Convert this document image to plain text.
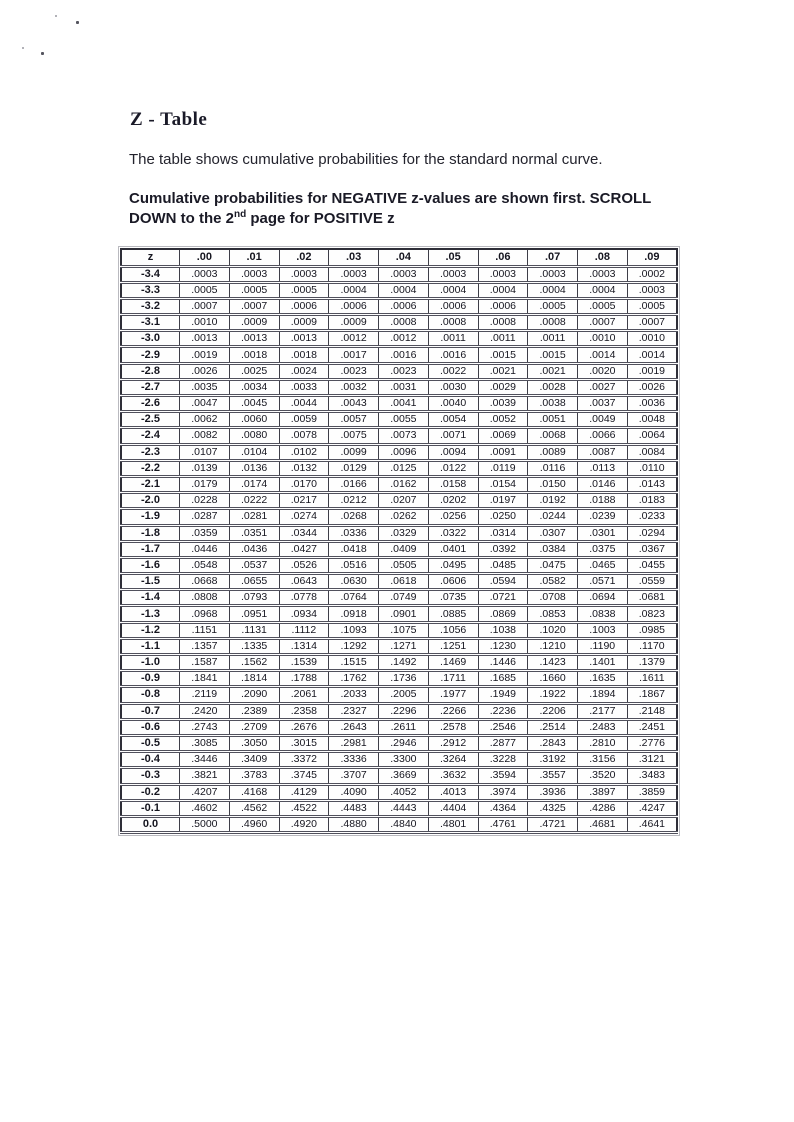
Z - Table
The table shows cumulative probabilities for the standard normal curve.
Cumulative probabilities for NEGATIVE z-values are shown first. SCROLL
DOWN to the 2nd page for POSITIVE z
z	.00	.01	.02	.03	.04	.05	.06	.07	.08	.09
-3.4	.0003	.0003	.0003	.0003	.0003	.0003	.0003	.0003	.0003	.0002
-3.3	.0005	.0005	.0005	.0004	.0004	.0004	.0004	.0004	.0004	.0003
-3.2	.0007	.0007	.0006	.0006	.0006	.0006	.0006	.0005	.0005	.0005
-3.1	.0010	.0009	.0009	.0009	.0008	.0008	.0008	.0008	.0007	.0007
-3.0	.0013	.0013	.0013	.0012	.0012	.0011	.0011	.0011	.0010	.0010
-2.9	.0019	.0018	.0018	.0017	.0016	.0016	.0015	.0015	.0014	.0014
-2.8	.0026	.0025	.0024	.0023	.0023	.0022	.0021	.0021	.0020	.0019
-2.7	.0035	.0034	.0033	.0032	.0031	.0030	.0029	.0028	.0027	.0026
-2.6	.0047	.0045	.0044	.0043	.0041	.0040	.0039	.0038	.0037	.0036
-2.5	.0062	.0060	.0059	.0057	.0055	.0054	.0052	.0051	.0049	.0048
-2.4	.0082	.0080	.0078	.0075	.0073	.0071	.0069	.0068	.0066	.0064
-2.3	.0107	.0104	.0102	.0099	.0096	.0094	.0091	.0089	.0087	.0084
-2.2	.0139	.0136	.0132	.0129	.0125	.0122	.0119	.0116	.0113	.0110
-2.1	.0179	.0174	.0170	.0166	.0162	.0158	.0154	.0150	.0146	.0143
-2.0	.0228	.0222	.0217	.0212	.0207	.0202	.0197	.0192	.0188	.0183
-1.9	.0287	.0281	.0274	.0268	.0262	.0256	.0250	.0244	.0239	.0233
-1.8	.0359	.0351	.0344	.0336	.0329	.0322	.0314	.0307	.0301	.0294
-1.7	.0446	.0436	.0427	.0418	.0409	.0401	.0392	.0384	.0375	.0367
-1.6	.0548	.0537	.0526	.0516	.0505	.0495	.0485	.0475	.0465	.0455
-1.5	.0668	.0655	.0643	.0630	.0618	.0606	.0594	.0582	.0571	.0559
-1.4	.0808	.0793	.0778	.0764	.0749	.0735	.0721	.0708	.0694	.0681
-1.3	.0968	.0951	.0934	.0918	.0901	.0885	.0869	.0853	.0838	.0823
-1.2	.1151	.1131	.1112	.1093	.1075	.1056	.1038	.1020	.1003	.0985
-1.1	.1357	.1335	.1314	.1292	.1271	.1251	.1230	.1210	.1190	.1170
-1.0	.1587	.1562	.1539	.1515	.1492	.1469	.1446	.1423	.1401	.1379
-0.9	.1841	.1814	.1788	.1762	.1736	.1711	.1685	.1660	.1635	.1611
-0.8	.2119	.2090	.2061	.2033	.2005	.1977	.1949	.1922	.1894	.1867
-0.7	.2420	.2389	.2358	.2327	.2296	.2266	.2236	.2206	.2177	.2148
-0.6	.2743	.2709	.2676	.2643	.2611	.2578	.2546	.2514	.2483	.2451
-0.5	.3085	.3050	.3015	.2981	.2946	.2912	.2877	.2843	.2810	.2776
-0.4	.3446	.3409	.3372	.3336	.3300	.3264	.3228	.3192	.3156	.3121
-0.3	.3821	.3783	.3745	.3707	.3669	.3632	.3594	.3557	.3520	.3483
-0.2	.4207	.4168	.4129	.4090	.4052	.4013	.3974	.3936	.3897	.3859
-0.1	.4602	.4562	.4522	.4483	.4443	.4404	.4364	.4325	.4286	.4247
0.0	.5000	.4960	.4920	.4880	.4840	.4801	.4761	.4721	.4681	.4641
